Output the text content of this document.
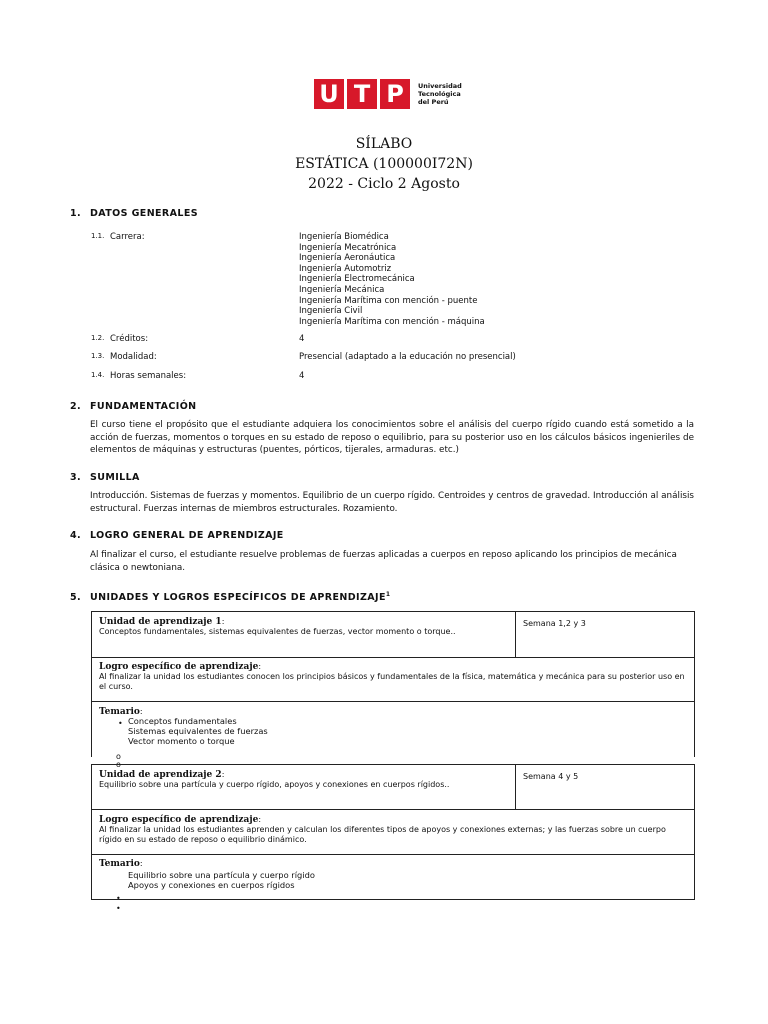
U T P	Universidad
Tecnológica
del Perú
SÍLABO
ESTÁTICA (100000I72N)
2022 - Ciclo 2 Agosto
1. DATOS GENERALES
1.1. Carrera:	Ingeniería Biomédica
Ingeniería Mecatrónica
Ingeniería Aeronáutica
Ingeniería Automotriz
Ingeniería Electromecánica
Ingeniería Mecánica
Ingeniería Marítima con mención - puente
Ingeniería Civil
Ingeniería Marítima con mención - máquina
1.2. Créditos:	4
1.3. Modalidad:	Presencial (adaptado a la educación no presencial)
1.4. Horas semanales:	4
2. FUNDAMENTACIÓN
El curso tiene el propósito que el estudiante adquiera los conocimientos sobre el análisis del cuerpo rígido cuando está sometido a la acción de fuerzas, momentos o torques en su estado de reposo o equilibrio, para su posterior uso en los cálculos básicos ingenieriles de elementos de máquinas y estructuras (puentes, pórticos, tijerales, armaduras. etc.)
3. SUMILLA
Introducción. Sistemas de fuerzas y momentos. Equilibrio de un cuerpo rígido. Centroides y centros de gravedad. Introducción al análisis estructural. Fuerzas internas de miembros estructurales. Rozamiento.
4. LOGRO GENERAL DE APRENDIZAJE
Al finalizar el curso, el estudiante resuelve problemas de fuerzas aplicadas a cuerpos en reposo aplicando los principios de mecánica clásica o newtoniana.
5. UNIDADES Y LOGROS ESPECÍFICOS DE APRENDIZAJE$^1$
Unidad de aprendizaje 1:
Conceptos fundamentales, sistemas equivalentes de fuerzas, vector momento o torque..
Semana 1,2 y 3
Logro específico de aprendizaje:
Al finalizar la unidad los estudiantes conocen los principios básicos y fundamentales de la física, matemática y mecánica para su posterior uso en el curso.
Temario:
• Conceptos fundamentales
Sistemas equivalentes de fuerzas
Vector momento o torque
o
o
Unidad de aprendizaje 2:
Equilibrio sobre una partícula y cuerpo rígido, apoyos y conexiones en cuerpos rígidos..
Semana 4 y 5
Logro específico de aprendizaje:
Al finalizar la unidad los estudiantes aprenden y calculan los diferentes tipos de apoyos y conexiones externas; y las fuerzas sobre un cuerpo rígido en su estado de reposo o equilibrio dinámico.
Temario:
Equilibrio sobre una partícula y cuerpo rígido
Apoyos y conexiones en cuerpos rígidos
•
•
